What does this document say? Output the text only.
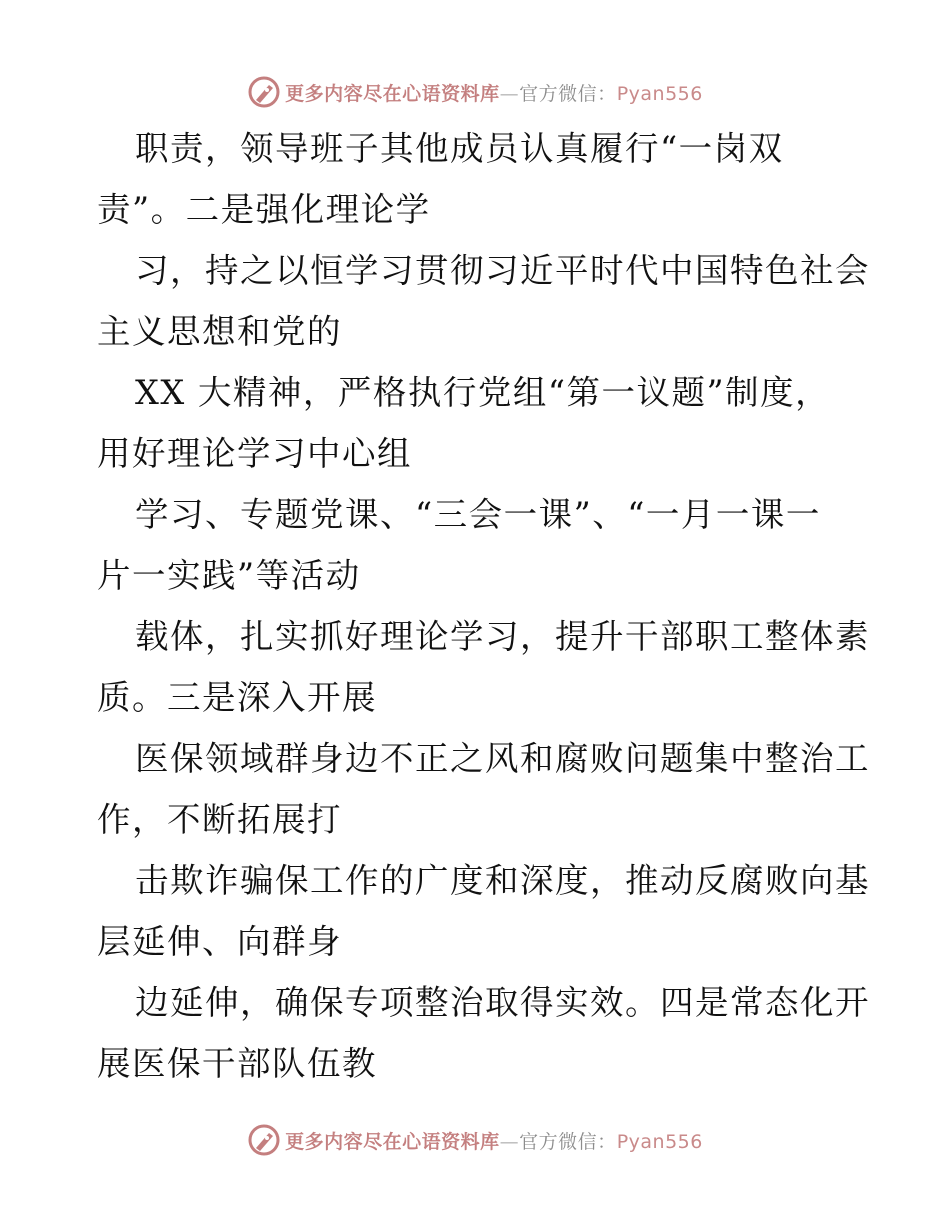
更多内容尽在心语资料库—官方微信：Pyan556
职责，领导班子其他成员认真履行“一岗双
责”。二是强化理论学
习，持之以恒学习贯彻习近平时代中国特色社会
主义思想和党的
XX 大精神，严格执行党组“第一议题”制度，
用好理论学习中心组
学习、专题党课、“三会一课”、“一月一课一
片一实践”等活动
载体，扎实抓好理论学习，提升干部职工整体素
质。三是深入开展
医保领域群身边不正之风和腐败问题集中整治工
作，不断拓展打
击欺诈骗保工作的广度和深度，推动反腐败向基
层延伸、向群身
边延伸，确保专项整治取得实效。四是常态化开
展医保干部队伍教
更多内容尽在心语资料库—官方微信：Pyan556
